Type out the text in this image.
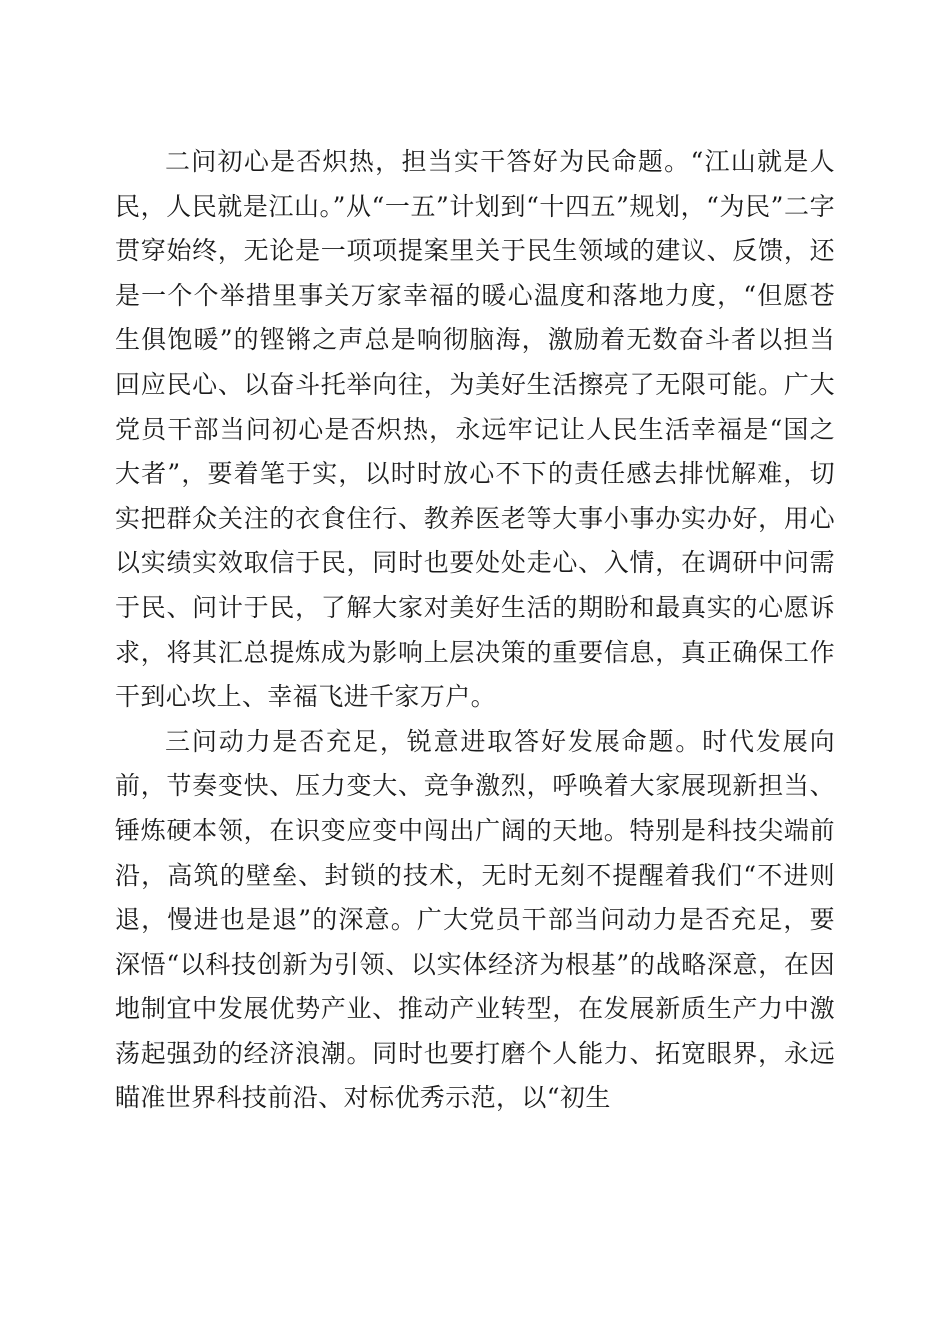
二问初心是否炽热，担当实干答好为民命题。“江山就是人民，人民就是江山。”从“一五”计划到“十四五”规划，“为民”二字贯穿始终，无论是一项项提案里关于民生领域的建议、反馈，还是一个个举措里事关万家幸福的暖心温度和落地力度，“但愿苍生俱饱暖”的铿锵之声总是响彻脑海，激励着无数奋斗者以担当回应民心、以奋斗托举向往，为美好生活擦亮了无限可能。广大党员干部当问初心是否炽热，永远牢记让人民生活幸福是“国之大者”，要着笔于实，以时时放心不下的责任感去排忧解难，切实把群众关注的衣食住行、教养医老等大事小事办实办好，用心以实绩实效取信于民，同时也要处处走心、入情，在调研中问需于民、问计于民，了解大家对美好生活的期盼和最真实的心愿诉求，将其汇总提炼成为影响上层决策的重要信息，真正确保工作干到心坎上、幸福飞进千家万户。

三问动力是否充足，锐意进取答好发展命题。时代发展向前，节奏变快、压力变大、竞争激烈，呼唤着大家展现新担当、锤炼硬本领，在识变应变中闯出广阔的天地。特别是科技尖端前沿，高筑的壁垒、封锁的技术，无时无刻不提醒着我们“不进则退，慢进也是退”的深意。广大党员干部当问动力是否充足，要深悟“以科技创新为引领、以实体经济为根基”的战略深意，在因地制宜中发展优势产业、推动产业转型，在发展新质生产力中激荡起强劲的经济浪潮。同时也要打磨个人能力、拓宽眼界，永远瞄准世界科技前沿、对标优秀示范，以“初生
